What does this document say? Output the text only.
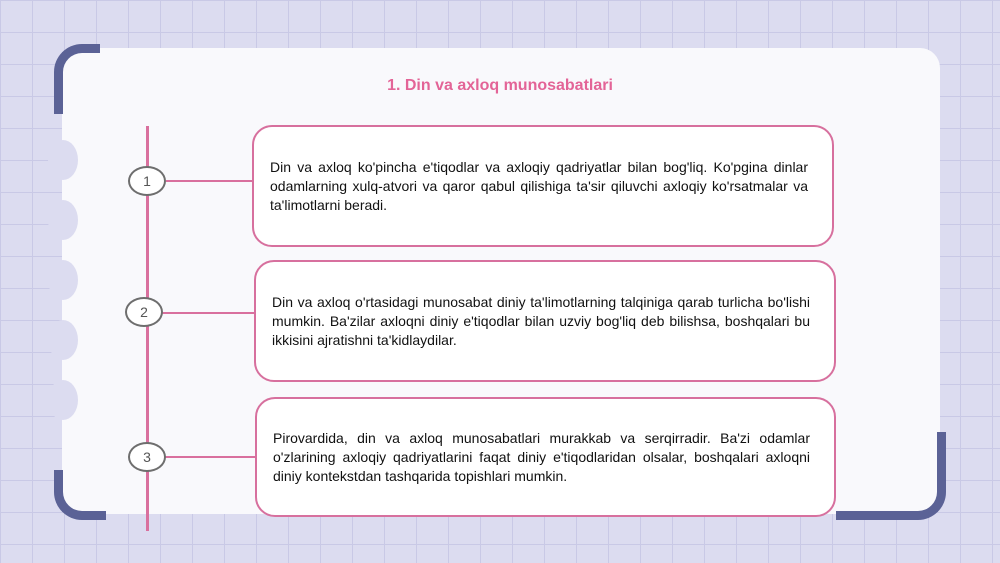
1. Din va axloq munosabatlari
1
2
3

Din va axloq ko'pincha e'tiqodlar va axloqiy qadriyatlar bilan bog'liq. Ko'pgina dinlar odamlarning xulq-atvori va qaror qabul qilishiga ta'sir qiluvchi axloqiy ko'rsatmalar va ta'limotlarni beradi.

Din va axloq o'rtasidagi munosabat diniy ta'limotlarning talqiniga qarab turlicha bo'lishi mumkin. Ba'zilar axloqni diniy e'tiqodlar bilan uzviy bog'liq deb bilishsa, boshqalari bu ikkisini ajratishni ta'kidlaydilar.

Pirovardida, din va axloq munosabatlari murakkab va serqirradir. Ba'zi odamlar o'zlarining axloqiy qadriyatlarini faqat diniy e'tiqodlaridan olsalar, boshqalari axloqni diniy kontekstdan tashqarida topishlari mumkin.
